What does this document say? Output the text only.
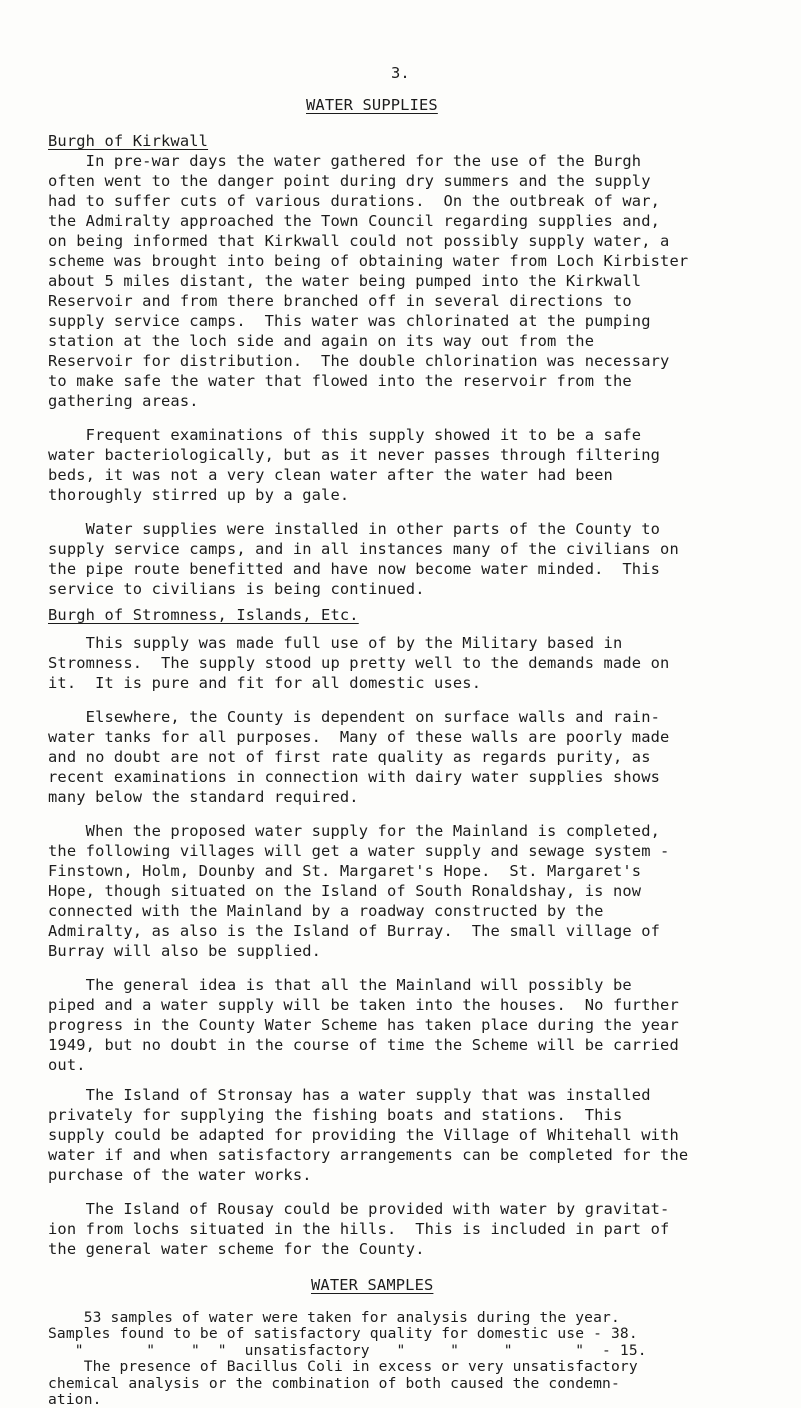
3.
WATER SUPPLIES
Burgh of Kirkwall
In pre-war days the water gathered for the use of the Burgh
often went to the danger point during dry summers and the supply
had to suffer cuts of various durations.  On the outbreak of war,
the Admiralty approached the Town Council regarding supplies and,
on being informed that Kirkwall could not possibly supply water, a
scheme was brought into being of obtaining water from Loch Kirbister
about 5 miles distant, the water being pumped into the Kirkwall
Reservoir and from there branched off in several directions to
supply service camps.  This water was chlorinated at the pumping
station at the loch side and again on its way out from the
Reservoir for distribution.  The double chlorination was necessary
to make safe the water that flowed into the reservoir from the
gathering areas.
Frequent examinations of this supply showed it to be a safe
water bacteriologically, but as it never passes through filtering
beds, it was not a very clean water after the water had been
thoroughly stirred up by a gale.
Water supplies were installed in other parts of the County to
supply service camps, and in all instances many of the civilians on
the pipe route benefitted and have now become water minded.  This
service to civilians is being continued.
Burgh of Stromness, Islands, Etc.
This supply was made full use of by the Military based in
Stromness.  The supply stood up pretty well to the demands made on
it.  It is pure and fit for all domestic uses.
Elsewhere, the County is dependent on surface walls and rain-
water tanks for all purposes.  Many of these walls are poorly made
and no doubt are not of first rate quality as regards purity, as
recent examinations in connection with dairy water supplies shows
many below the standard required.
When the proposed water supply for the Mainland is completed,
the following villages will get a water supply and sewage system -
Finstown, Holm, Dounby and St. Margaret's Hope.  St. Margaret's
Hope, though situated on the Island of South Ronaldshay, is now
connected with the Mainland by a roadway constructed by the
Admiralty, as also is the Island of Burray.  The small village of
Burray will also be supplied.
The general idea is that all the Mainland will possibly be
piped and a water supply will be taken into the houses.  No further
progress in the County Water Scheme has taken place during the year
1949, but no doubt in the course of time the Scheme will be carried
out.
The Island of Stronsay has a water supply that was installed
privately for supplying the fishing boats and stations.  This
supply could be adapted for providing the Village of Whitehall with
water if and when satisfactory arrangements can be completed for the
purchase of the water works.
The Island of Rousay could be provided with water by gravitat-
ion from lochs situated in the hills.  This is included in part of
the general water scheme for the County.
WATER SAMPLES
53 samples of water were taken for analysis during the year.
Samples found to be of satisfactory quality for domestic use - 38.
"       "    "  "  unsatisfactory   "     "     "       "  - 15.
The presence of Bacillus Coli in excess or very unsatisfactory
chemical analysis or the combination of both caused the condemn-
ation.
